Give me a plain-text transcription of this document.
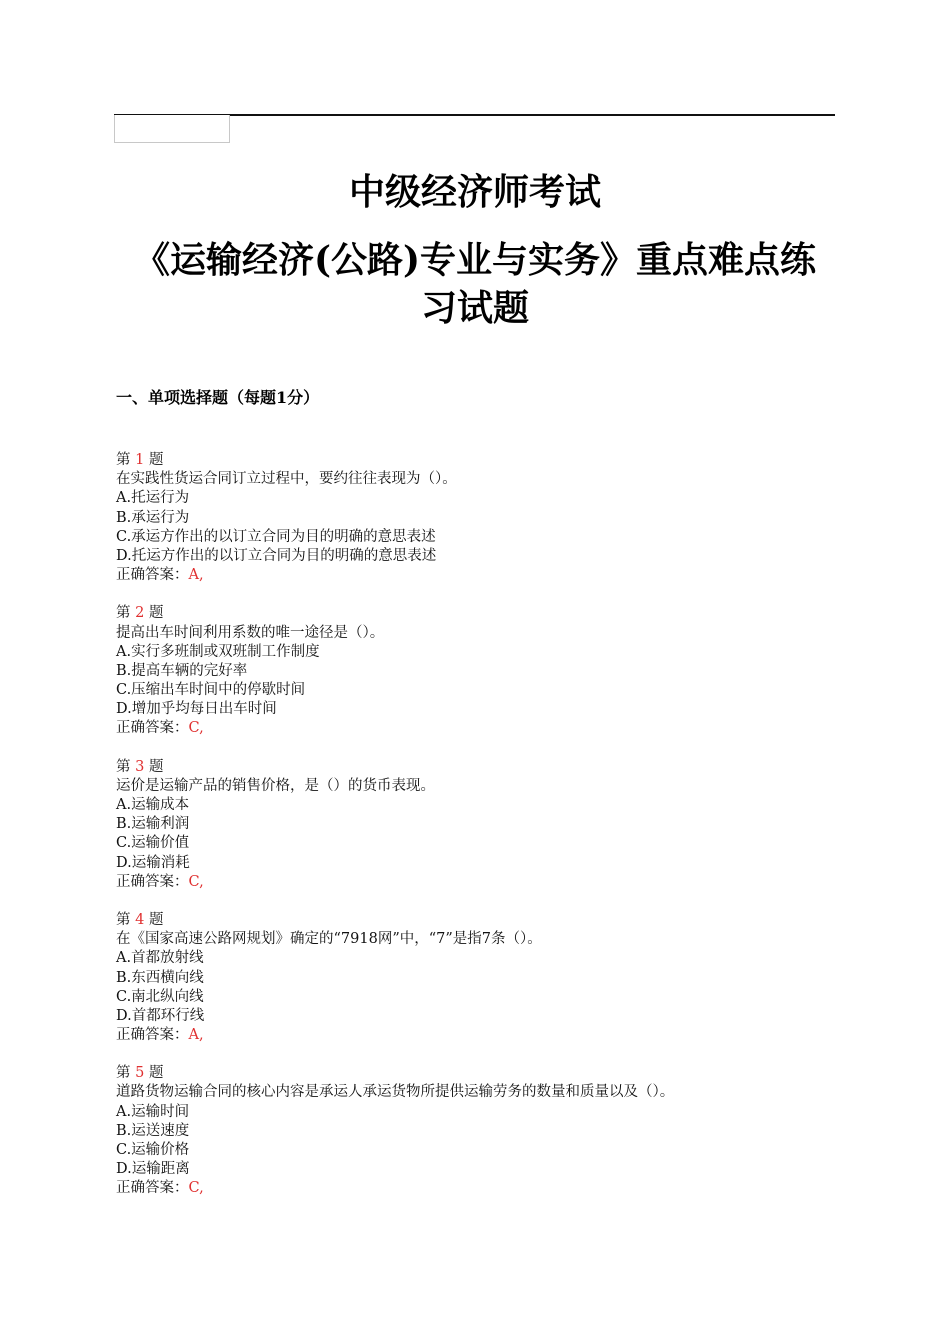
中级经济师考试
《运输经济(公路)专业与实务》重点难点练习试题
一、单项选择题（每题1分）
第 1 题
在实践性货运合同订立过程中，要约往往表现为（）。
A.托运行为
B.承运行为
C.承运方作出的以订立合同为目的明确的意思表述
D.托运方作出的以订立合同为目的明确的意思表述
正确答案：A,
第 2 题
提高出车时间利用系数的唯一途径是（）。
A.实行多班制或双班制工作制度
B.提高车辆的完好率
C.压缩出车时间中的停歇时间
D.增加乎均每日出车时间
正确答案：C,
第 3 题
运价是运输产品的销售价格，是（）的货币表现。
A.运输成本
B.运输利润
C.运输价值
D.运输消耗
正确答案：C,
第 4 题
在《国家高速公路网规划》确定的“7918网”中，“7”是指7条（）。
A.首都放射线
B.东西横向线
C.南北纵向线
D.首都环行线
正确答案：A,
第 5 题
道路货物运输合同的核心内容是承运人承运货物所提供运输劳务的数量和质量以及（）。
A.运输时间
B.运送速度
C.运输价格
D.运输距离
正确答案：C,
